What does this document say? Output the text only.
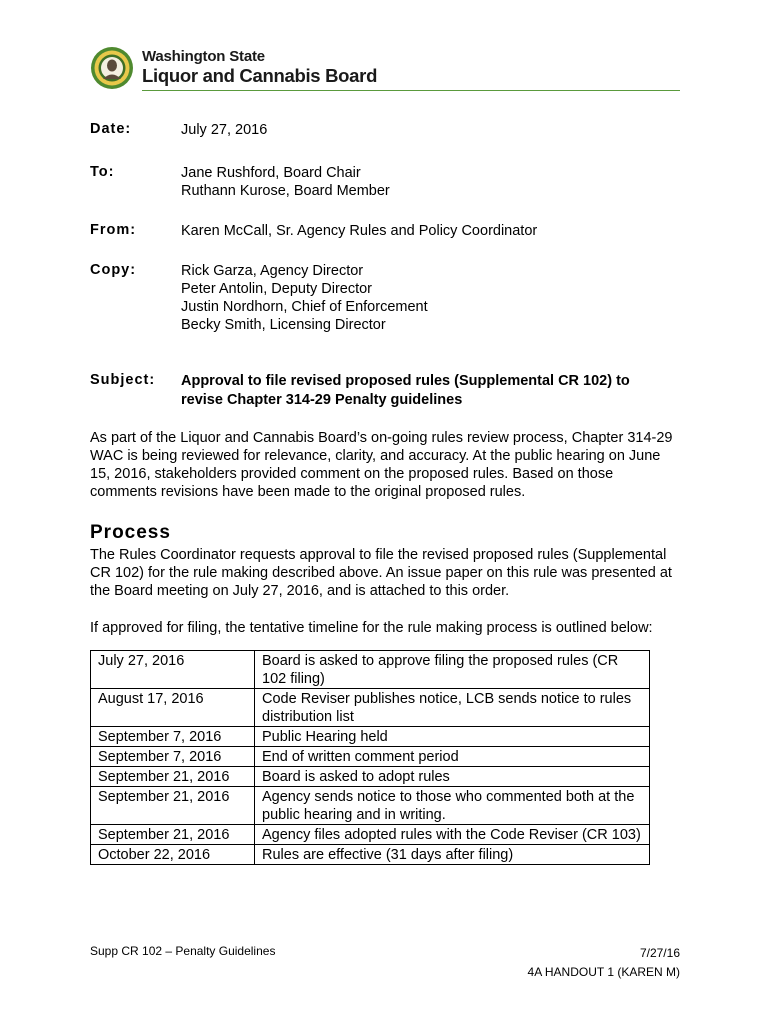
Washington State
Liquor and Cannabis Board
Date:	July 27, 2016
To:	Jane Rushford, Board Chair
Ruthann Kurose, Board Member
From:	Karen McCall, Sr. Agency Rules and Policy Coordinator
Copy:	Rick Garza, Agency Director
Peter Antolin, Deputy Director
Justin Nordhorn, Chief of Enforcement
Becky Smith, Licensing Director
Subject: Approval to file revised proposed rules (Supplemental CR 102) to revise Chapter 314-29 Penalty guidelines
As part of the Liquor and Cannabis Board’s on-going rules review process, Chapter 314-29 WAC is being reviewed for relevance, clarity, and accuracy. At the public hearing on June 15, 2016, stakeholders provided comment on the proposed rules. Based on those comments revisions have been made to the original proposed rules.
Process
The Rules Coordinator requests approval to file the revised proposed rules (Supplemental CR 102) for the rule making described above. An issue paper on this rule was presented at the Board meeting on July 27, 2016, and is attached to this order.
If approved for filing, the tentative timeline for the rule making process is outlined below:
July 27, 2016	Board is asked to approve filing the proposed rules (CR 102 filing)
August 17, 2016	Code Reviser publishes notice, LCB sends notice to rules distribution list
September 7, 2016	Public Hearing held
September 7, 2016	End of written comment period
September 21, 2016	Board is asked to adopt rules
September 21, 2016	Agency sends notice to those who commented both at the public hearing and in writing.
September 21, 2016	Agency files adopted rules with the Code Reviser (CR 103)
October 22, 2016	Rules are effective (31 days after filing)
Supp CR 102 – Penalty Guidelines	7/27/16
4A HANDOUT 1 (KAREN M)
